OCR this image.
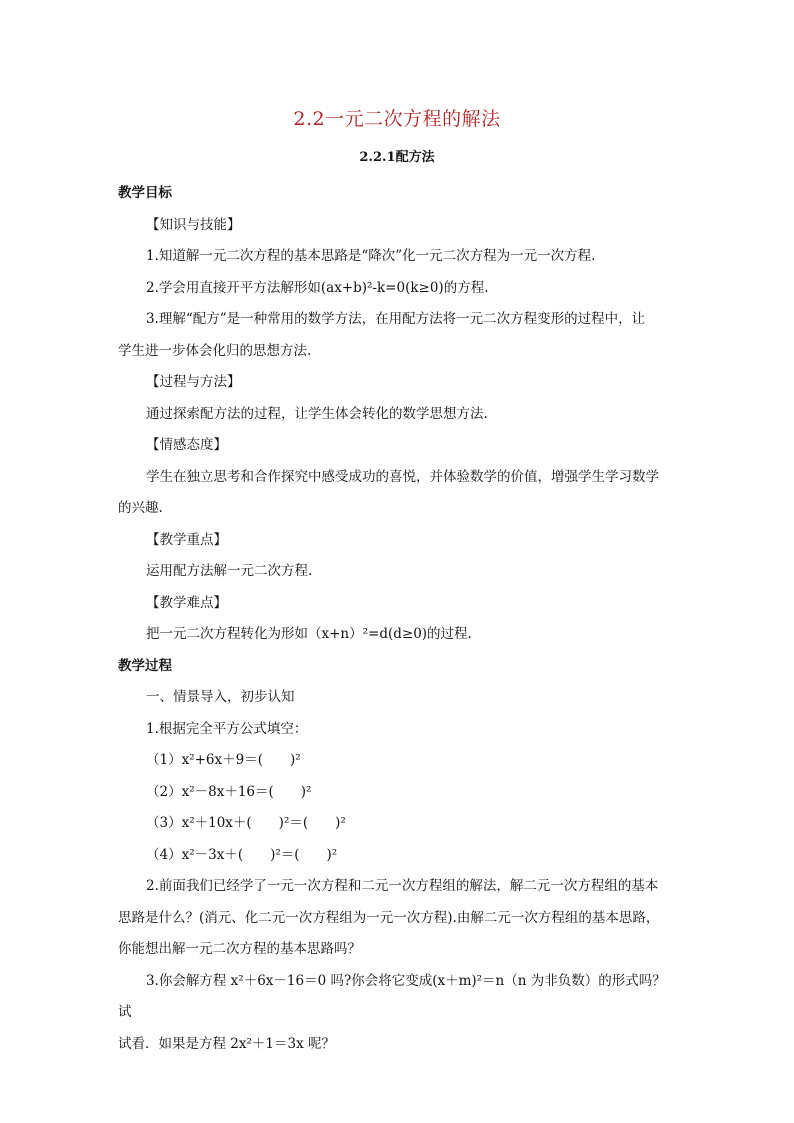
2.2一元二次方程的解法
2.2.1配方法

教学目标

【知识与技能】

1.知道解一元二次方程的基本思路是“降次”化一元二次方程为一元一次方程.

2.学会用直接开平方法解形如(ax+b)²-k=0(k≥0)的方程.

3.理解“配方”是一种常用的数学方法，在用配方法将一元二次方程变形的过程中，让

学生进一步体会化归的思想方法.

【过程与方法】

通过探索配方法的过程，让学生体会转化的数学思想方法.

【情感态度】

学生在独立思考和合作探究中感受成功的喜悦，并体验数学的价值，增强学生学习数学

的兴趣.

【教学重点】

运用配方法解一元二次方程.

【教学难点】

把一元二次方程转化为形如（x+n）²=d(d≥0)的过程.

教学过程

一、情景导入，初步认知

1.根据完全平方公式填空：

（1）x²+6x＋9＝(　　)²

（2）x²－8x＋16＝(　　)²

（3）x²＋10x＋(　　)²＝(　　)²

（4）x²－3x＋(　　)²＝(　　)²

2.前面我们已经学了一元一次方程和二元一次方程组的解法，解二元一次方程组的基本

思路是什么？(消元、化二元一次方程组为一元一次方程).由解二元一次方程组的基本思路，

你能想出解一元二次方程的基本思路吗？

3.你会解方程 x²＋6x－16＝0 吗?你会将它变成(x＋m)²＝n（n 为非负数）的形式吗？试

试看．如果是方程 2x²＋1＝3x 呢？
